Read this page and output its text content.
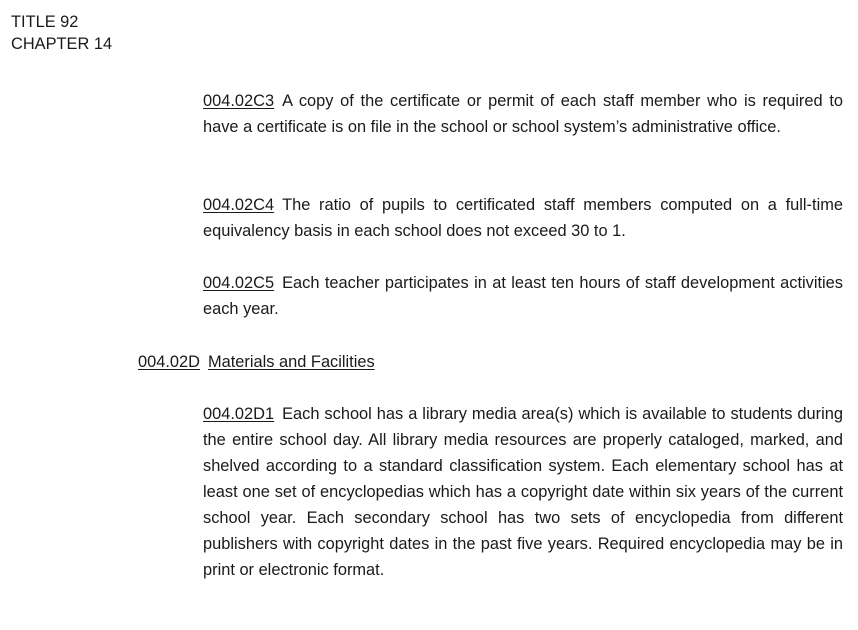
TITLE 92
CHAPTER 14
004.02C3 A copy of the certificate or permit of each staff member who is required to have a certificate is on file in the school or school system’s administrative office.
004.02C4 The ratio of pupils to certificated staff members computed on a full-time equivalency basis in each school does not exceed 30 to 1.
004.02C5 Each teacher participates in at least ten hours of staff development activities each year.
004.02D Materials and Facilities
004.02D1 Each school has a library media area(s) which is available to students during the entire school day. All library media resources are properly cataloged, marked, and shelved according to a standard classification system. Each elementary school has at least one set of encyclopedias which has a copyright date within six years of the current school year. Each secondary school has two sets of encyclopedia from different publishers with copyright dates in the past five years. Required encyclopedia may be in print or electronic format.
